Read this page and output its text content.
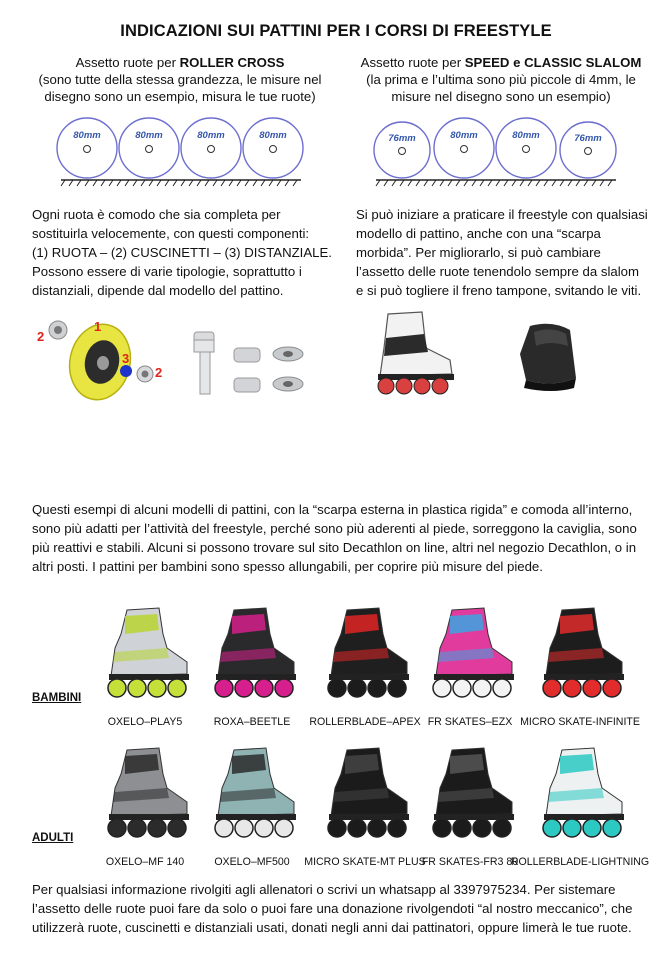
INDICAZIONI SUI PATTINI PER I CORSI DI FREESTYLE
Assetto ruote per ROLLER CROSS
(sono tutte della stessa grandezza, le misure nel
disegno sono un esempio, misura le tue ruote)
Assetto ruote per SPEED e CLASSIC SLALOM
(la prima e l’ultima sono più piccole di 4mm, le
misure nel disegno sono un esempio)
80mm	80mm	80mm	80mm	76mm	80mm	80mm	76mm
Ogni ruota è comodo che sia completa per
sostituirla velocemente, con questi componenti:
(1) RUOTA – (2) CUSCINETTI – (3) DISTANZIALE.
Possono essere di varie tipologie, soprattutto i
distanziali, dipende dal modello del pattino.
Si può iniziare a praticare il freestyle con qualsiasi
modello di pattino, anche con una “scarpa
morbida”. Per migliorarlo, si può cambiare
l’assetto delle ruote tenendolo sempre da slalom
e si può togliere il freno tampone, svitando le viti.
1
2
2
3
Questi esempi di alcuni modelli di pattini, con la “scarpa esterna in plastica rigida” e comoda all’interno,
sono più adatti per l’attività del freestyle, perché sono più aderenti al piede, sorreggono la caviglia, sono
più reattivi e stabili. Alcuni si possono trovare sul sito Decathlon on line, altri nel negozio Decathlon, o in
altri posti. I pattini per bambini sono spesso allungabili, per coprire più misure del piede.
BAMBINI
OXELO–PLAY5	ROXA–BEETLE	ROLLERBLADE–APEX FR SKATES–EZX MICRO SKATE-INFINITE
ADULTI
OXELO–MF 140	OXELO–MF500	MICRO SKATE-MT PLUS
FR SKATES-FR3 80
ROLLERBLADE-LIGHTNING
Per qualsiasi informazione rivolgiti agli allenatori o scrivi un whatsapp al 3397975234. Per sistemare
l’assetto delle ruote puoi fare da solo o puoi fare una donazione rivolgendoti “al nostro meccanico”, che
utilizzerà ruote, cuscinetti e distanziali usati, donati negli anni dai pattinatori, oppure limerà le tue ruote.
